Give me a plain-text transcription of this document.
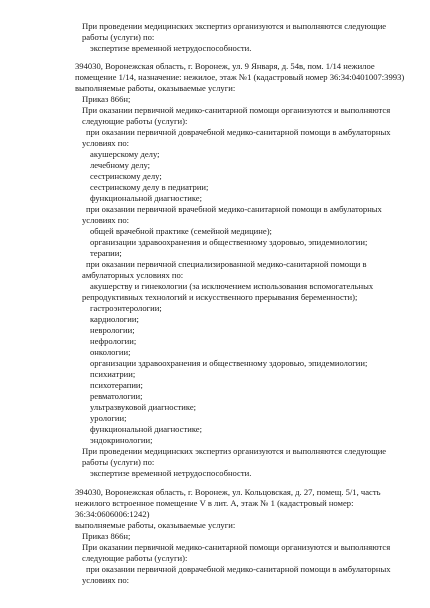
При проведении медицинских экспертиз организуются и выполняются следующие
работы (услуги) по:
экспертизе временной нетрудоспособности.
394030, Воронежская область, г. Воронеж, ул. 9 Января, д. 54в, пом. 1/14 нежилое
помещение 1/14, назначение: нежилое, этаж №1 (кадастровый номер 36:34:0401007:3993)
выполняемые работы, оказываемые услуги:
Приказ 866н;
При оказании первичной медико-санитарной помощи организуются и выполняются
следующие работы (услуги):
при оказании первичной доврачебной медико-санитарной помощи в амбулаторных
условиях по:
акушерскому делу;
лечебному делу;
сестринскому делу;
сестринскому делу в педиатрии;
функциональной диагностике;
при оказании первичной врачебной медико-санитарной помощи в амбулаторных
условиях по:
общей врачебной практике (семейной медицине);
организации здравоохранения и общественному здоровью, эпидемиологии;
терапии;
при оказании первичной специализированной медико-санитарной помощи в
амбулаторных условиях по:
акушерству и гинекологии (за исключением использования вспомогательных
репродуктивных технологий и искусственного прерывания беременности);
гастроэнтерологии;
кардиологии;
неврологии;
нефрологии;
онкологии;
организации здравоохранения и общественному здоровью, эпидемиологии;
психиатрии;
психотерапии;
ревматологии;
ультразвуковой диагностике;
урологии;
функциональной диагностике;
эндокринологии;
При проведении медицинских экспертиз организуются и выполняются следующие
работы (услуги) по:
экспертизе временной нетрудоспособности.
394030, Воронежская область, г. Воронеж, ул. Кольцовская, д. 27, помещ. 5/1, часть
нежилого встроенное помещение V в лит. А, этаж № 1 (кадастровый номер:
36:34:0606006:1242)
выполняемые работы, оказываемые услуги:
Приказ 866н;
При оказании первичной медико-санитарной помощи организуются и выполняются
следующие работы (услуги):
при оказании первичной доврачебной медико-санитарной помощи в амбулаторных
условиях по:
